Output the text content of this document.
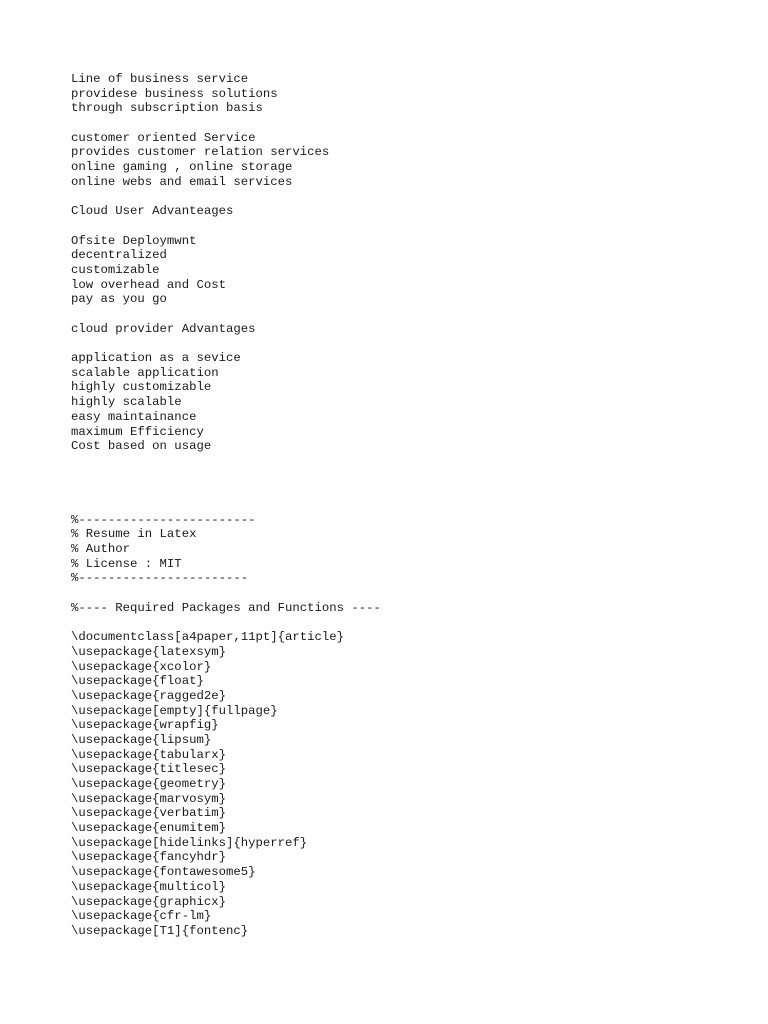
Line of business service
providese business solutions
through subscription basis
customer oriented Service
provides customer relation services
online gaming , online storage
online webs and email services
Cloud User Advanteages
Ofsite Deploymwnt
decentralized
customizable
low overhead and Cost
pay as you go
cloud provider Advantages
application as a sevice
scalable application
highly customizable
highly scalable
easy maintainance
maximum Efficiency
Cost based on usage
%------------------------
% Resume in Latex
% Author
% License : MIT
%-----------------------
%---- Required Packages and Functions ----
\documentclass[a4paper,11pt]{article}
\usepackage{latexsym}
\usepackage{xcolor}
\usepackage{float}
\usepackage{ragged2e}
\usepackage[empty]{fullpage}
\usepackage{wrapfig}
\usepackage{lipsum}
\usepackage{tabularx}
\usepackage{titlesec}
\usepackage{geometry}
\usepackage{marvosym}
\usepackage{verbatim}
\usepackage{enumitem}
\usepackage[hidelinks]{hyperref}
\usepackage{fancyhdr}
\usepackage{fontawesome5}
\usepackage{multicol}
\usepackage{graphicx}
\usepackage{cfr-lm}
\usepackage[T1]{fontenc}
